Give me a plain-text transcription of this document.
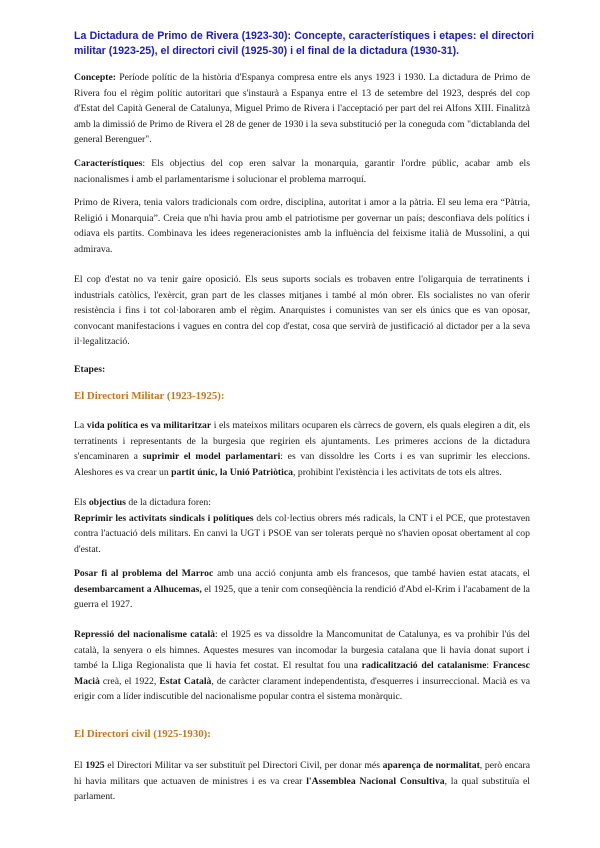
La Dictadura de Primo de Rivera (1923-30): Concepte, característiques i etapes: el directori militar (1923-25), el directori civil (1925-30) i el final de la dictadura (1930-31).

Concepte: Període polític de la història d'Espanya compresa entre els anys 1923 i 1930. La dictadura de Primo de Rivera fou el règim polític autoritari que s'instaurà a Espanya entre el 13 de setembre del 1923, després del cop d'Estat del Capità General de Catalunya, Miguel Primo de Rivera i l'acceptació per part del rei Alfons XIII. Finalitzà amb la dimissió de Primo de Rivera el 28 de gener de 1930 i la seva substitució per la coneguda com "dictablanda del general Berenguer".

Característiques: Els objectius del cop eren salvar la monarquia, garantir l'ordre públic, acabar amb els nacionalismes i amb el parlamentarisme i solucionar el problema marroquí.

Primo de Rivera, tenia valors tradicionals com ordre, disciplina, autoritat i amor a la pàtria. El seu lema era “Pàtria, Religió i Monarquia”. Creia que n'hi havia prou amb el patriotisme per governar un país; desconfiava dels polítics i odiava els partits. Combinava les idees regeneracionistes amb la influència del feixisme italià de Mussolini, a qui admirava.

El cop d'estat no va tenir gaire oposició. Els seus suports socials es trobaven entre l'oligarquia de terratinents i industrials catòlics, l'exèrcit, gran part de les classes mitjanes i també al món obrer. Els socialistes no van oferir resistència i fins i tot col·laboraren amb el règim. Anarquistes i comunistes van ser els únics que es van oposar, convocant manifestacions i vagues en contra del cop d'estat, cosa que servirà de justificació al dictador per a la seva il·legalització.

Etapes:

El Directori Militar (1923-1925):

La vida política es va militaritzar i els mateixos militars ocuparen els càrrecs de govern, els quals elegiren a dit, els terratinents i representants de la burgesia que regirien els ajuntaments. Les primeres accions de la dictadura s'encaminaren a suprimir el model parlamentari: es van dissoldre les Corts i es van suprimir les eleccions. Aleshores es va crear un partit únic, la Unió Patriòtica, prohibint l'existència i les activitats de tots els altres.

Els objectius de la dictadura foren:
Reprimir les activitats sindicals i polítiques dels col·lectius obrers més radicals, la CNT i el PCE, que protestaven contra l'actuació dels militars. En canvi la UGT i PSOE van ser tolerats perquè no s'havien oposat obertament al cop d'estat.

Posar fi al problema del Marroc amb una acció conjunta amb els francesos, que també havien estat atacats, el desembarcament a Alhucemas, el 1925, que a tenir com conseqüència la rendició d'Abd el-Krim i l'acabament de la guerra el 1927.

Repressió del nacionalisme català: el 1925 es va dissoldre la Mancomunitat de Catalunya, es va prohibir l'ús del català, la senyera o els himnes. Aquestes mesures van incomodar la burgesia catalana que li havia donat suport i també la Lliga Regionalista que li havia fet costat. El resultat fou una radicalització del catalanisme: Francesc Macià creà, el 1922, Estat Català, de caràcter clarament independentista, d'esquerres i insurreccional. Macià es va erigir com a líder indiscutible del nacionalisme popular contra el sistema monàrquic.

El Directori civil (1925-1930):

El 1925 el Directori Militar va ser substituït pel Directori Civil, per donar més aparença de normalitat, però encara hi havia militars que actuaven de ministres i es va crear l'Assemblea Nacional Consultiva, la qual substituïa el parlament.
